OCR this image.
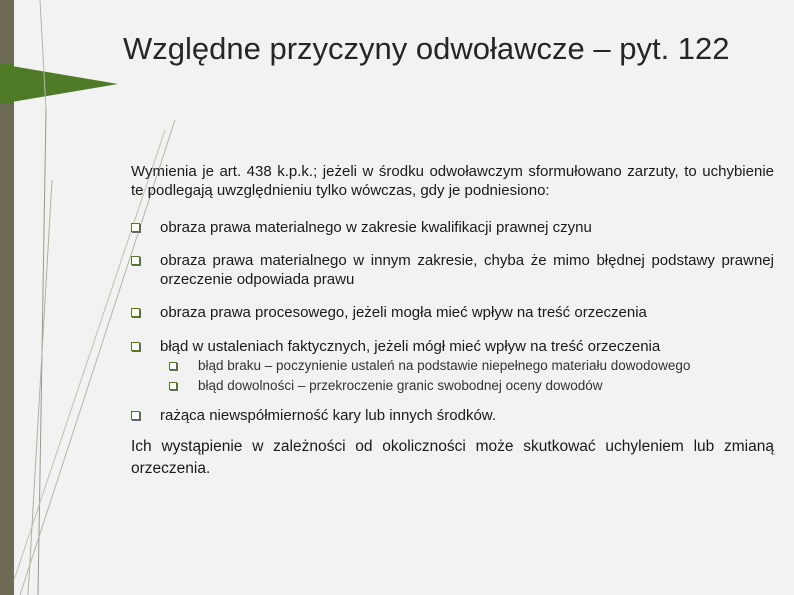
Względne przyczyny odwoławcze – pyt. 122

Wymienia je art. 438 k.p.k.; jeżeli w środku odwoławczym sformułowano zarzuty, to uchybienie te podlegają uwzględnieniu tylko wówczas, gdy je podniesiono:

obraza prawa materialnego w zakresie kwalifikacji prawnej czynu
obraza prawa materialnego w innym zakresie, chyba że mimo błędnej podstawy prawnej orzeczenie odpowiada prawu
obraza prawa procesowego, jeżeli mogła mieć wpływ na treść orzeczenia
błąd w ustaleniach faktycznych, jeżeli mógł mieć wpływ na treść orzeczenia
błąd braku – poczynienie ustaleń na podstawie niepełnego materiału dowodowego
błąd dowolności – przekroczenie granic swobodnej oceny dowodów
rażąca niewspółmierność kary lub innych środków.

Ich wystąpienie w zależności od okoliczności może skutkować uchyleniem lub zmianą orzeczenia.
